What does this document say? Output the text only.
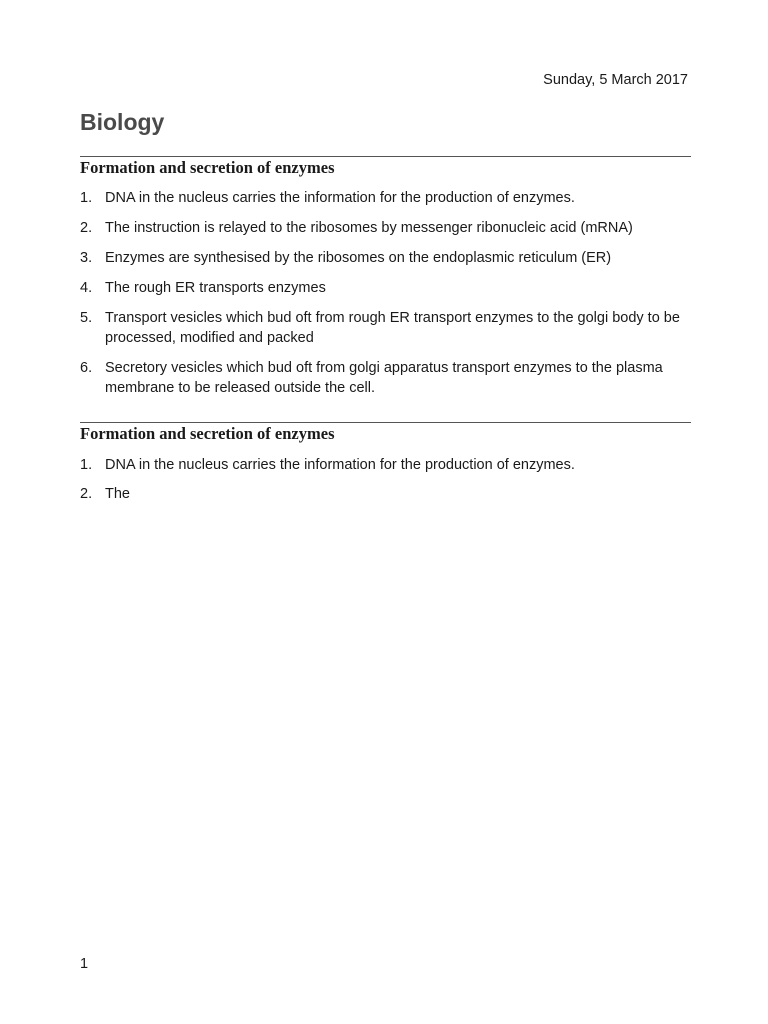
Sunday, 5 March 2017
Biology
Formation and secretion of enzymes
1. DNA in the nucleus carries the information for the production of enzymes.
2. The instruction is relayed to the ribosomes by messenger ribonucleic acid (mRNA)
3. Enzymes are synthesised by the ribosomes on the endoplasmic reticulum (ER)
4. The rough ER transports enzymes
5. Transport vesicles which bud oft from rough ER transport enzymes to the golgi body to be processed, modified and packed
6. Secretory vesicles which bud oft from golgi apparatus transport enzymes to the plasma membrane to be released outside the cell.
Formation and secretion of enzymes
1. DNA in the nucleus carries the information for the production of enzymes.
2. The
1
